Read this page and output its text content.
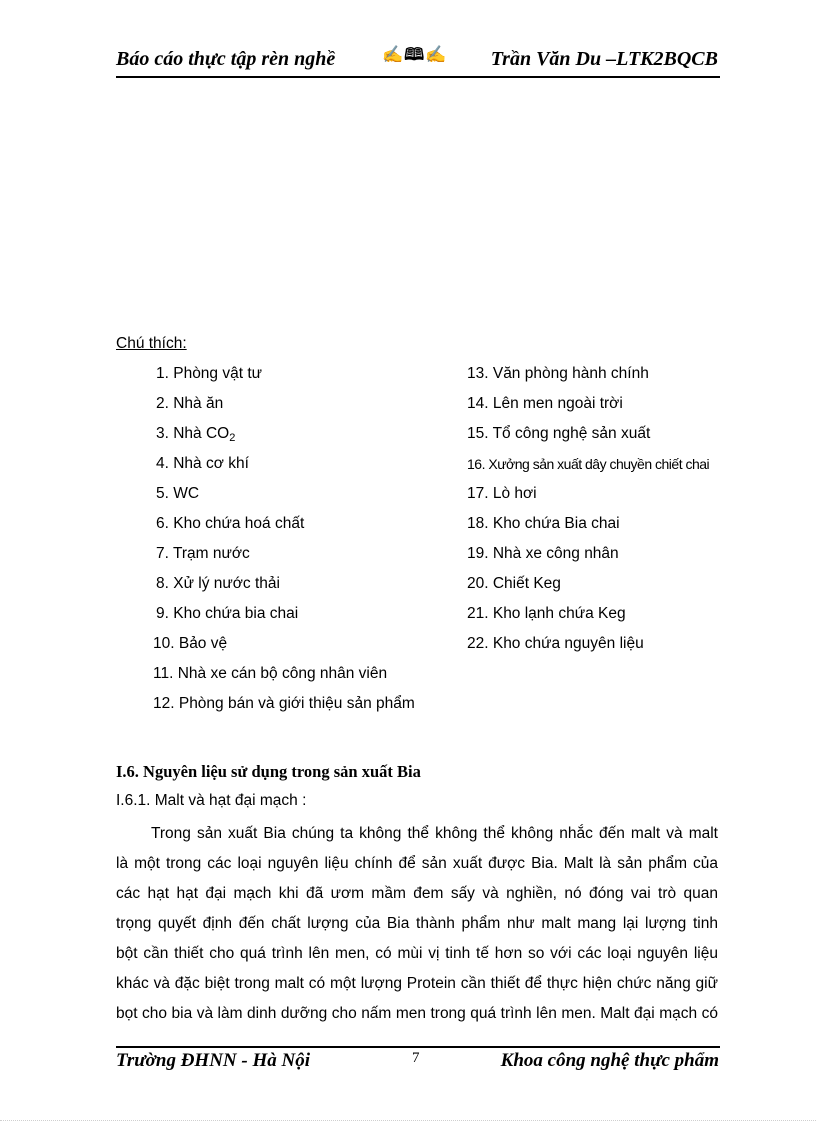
Báo cáo thực tập rèn nghề	✍🕮✍ Trần Văn Du –LTK2BQCB
Chú thích:
1. Phòng vật tư
2. Nhà ăn
3. Nhà $CO_2$
4. Nhà cơ khí
5. WC
6. Kho chứa hoá chất
7. Trạm nước
8. Xử lý nước thải
9. Kho chứa bia chai
10. Bảo vệ
11. Nhà xe cán bộ công nhân viên
12. Phòng bán và giới thiệu sản phẩm
13. Văn phòng hành chính
14. Lên men ngoài trời
15. Tổ công nghệ sản xuất
16. Xưởng sản xuất dây chuyền chiết chai
17. Lò hơi
18. Kho chứa Bia chai
19. Nhà xe công nhân
20. Chiết Keg
21. Kho lạnh chứa Keg
22. Kho chứa nguyên liệu
I.6. Nguyên liệu sử dụng trong sản xuất Bia
I.6.1. Malt và hạt đại mạch :
Trong sản xuất Bia chúng ta không thể không thể không nhắc đến malt và malt
là một trong các loại nguyên liệu chính để sản xuất được Bia. Malt là sản phẩm của
các hạt hạt đại mạch khi đã ươm mầm đem sấy và nghiền, nó đóng vai trò quan
trọng quyết định đến chất lượng của Bia thành phẩm như malt mang lại lượng tinh
bột cần thiết cho quá trình lên men, có mùi vị tinh tế hơn so với các loại nguyên liệu
khác và đặc biệt trong malt có một lượng Protein cần thiết để thực hiện chức năng giữ
bọt cho bia và làm dinh dưỡng cho nấm men trong quá trình lên men. Malt đại mạch có
Trường ĐHNN - Hà Nội	7	Khoa công nghệ thực phẩm
